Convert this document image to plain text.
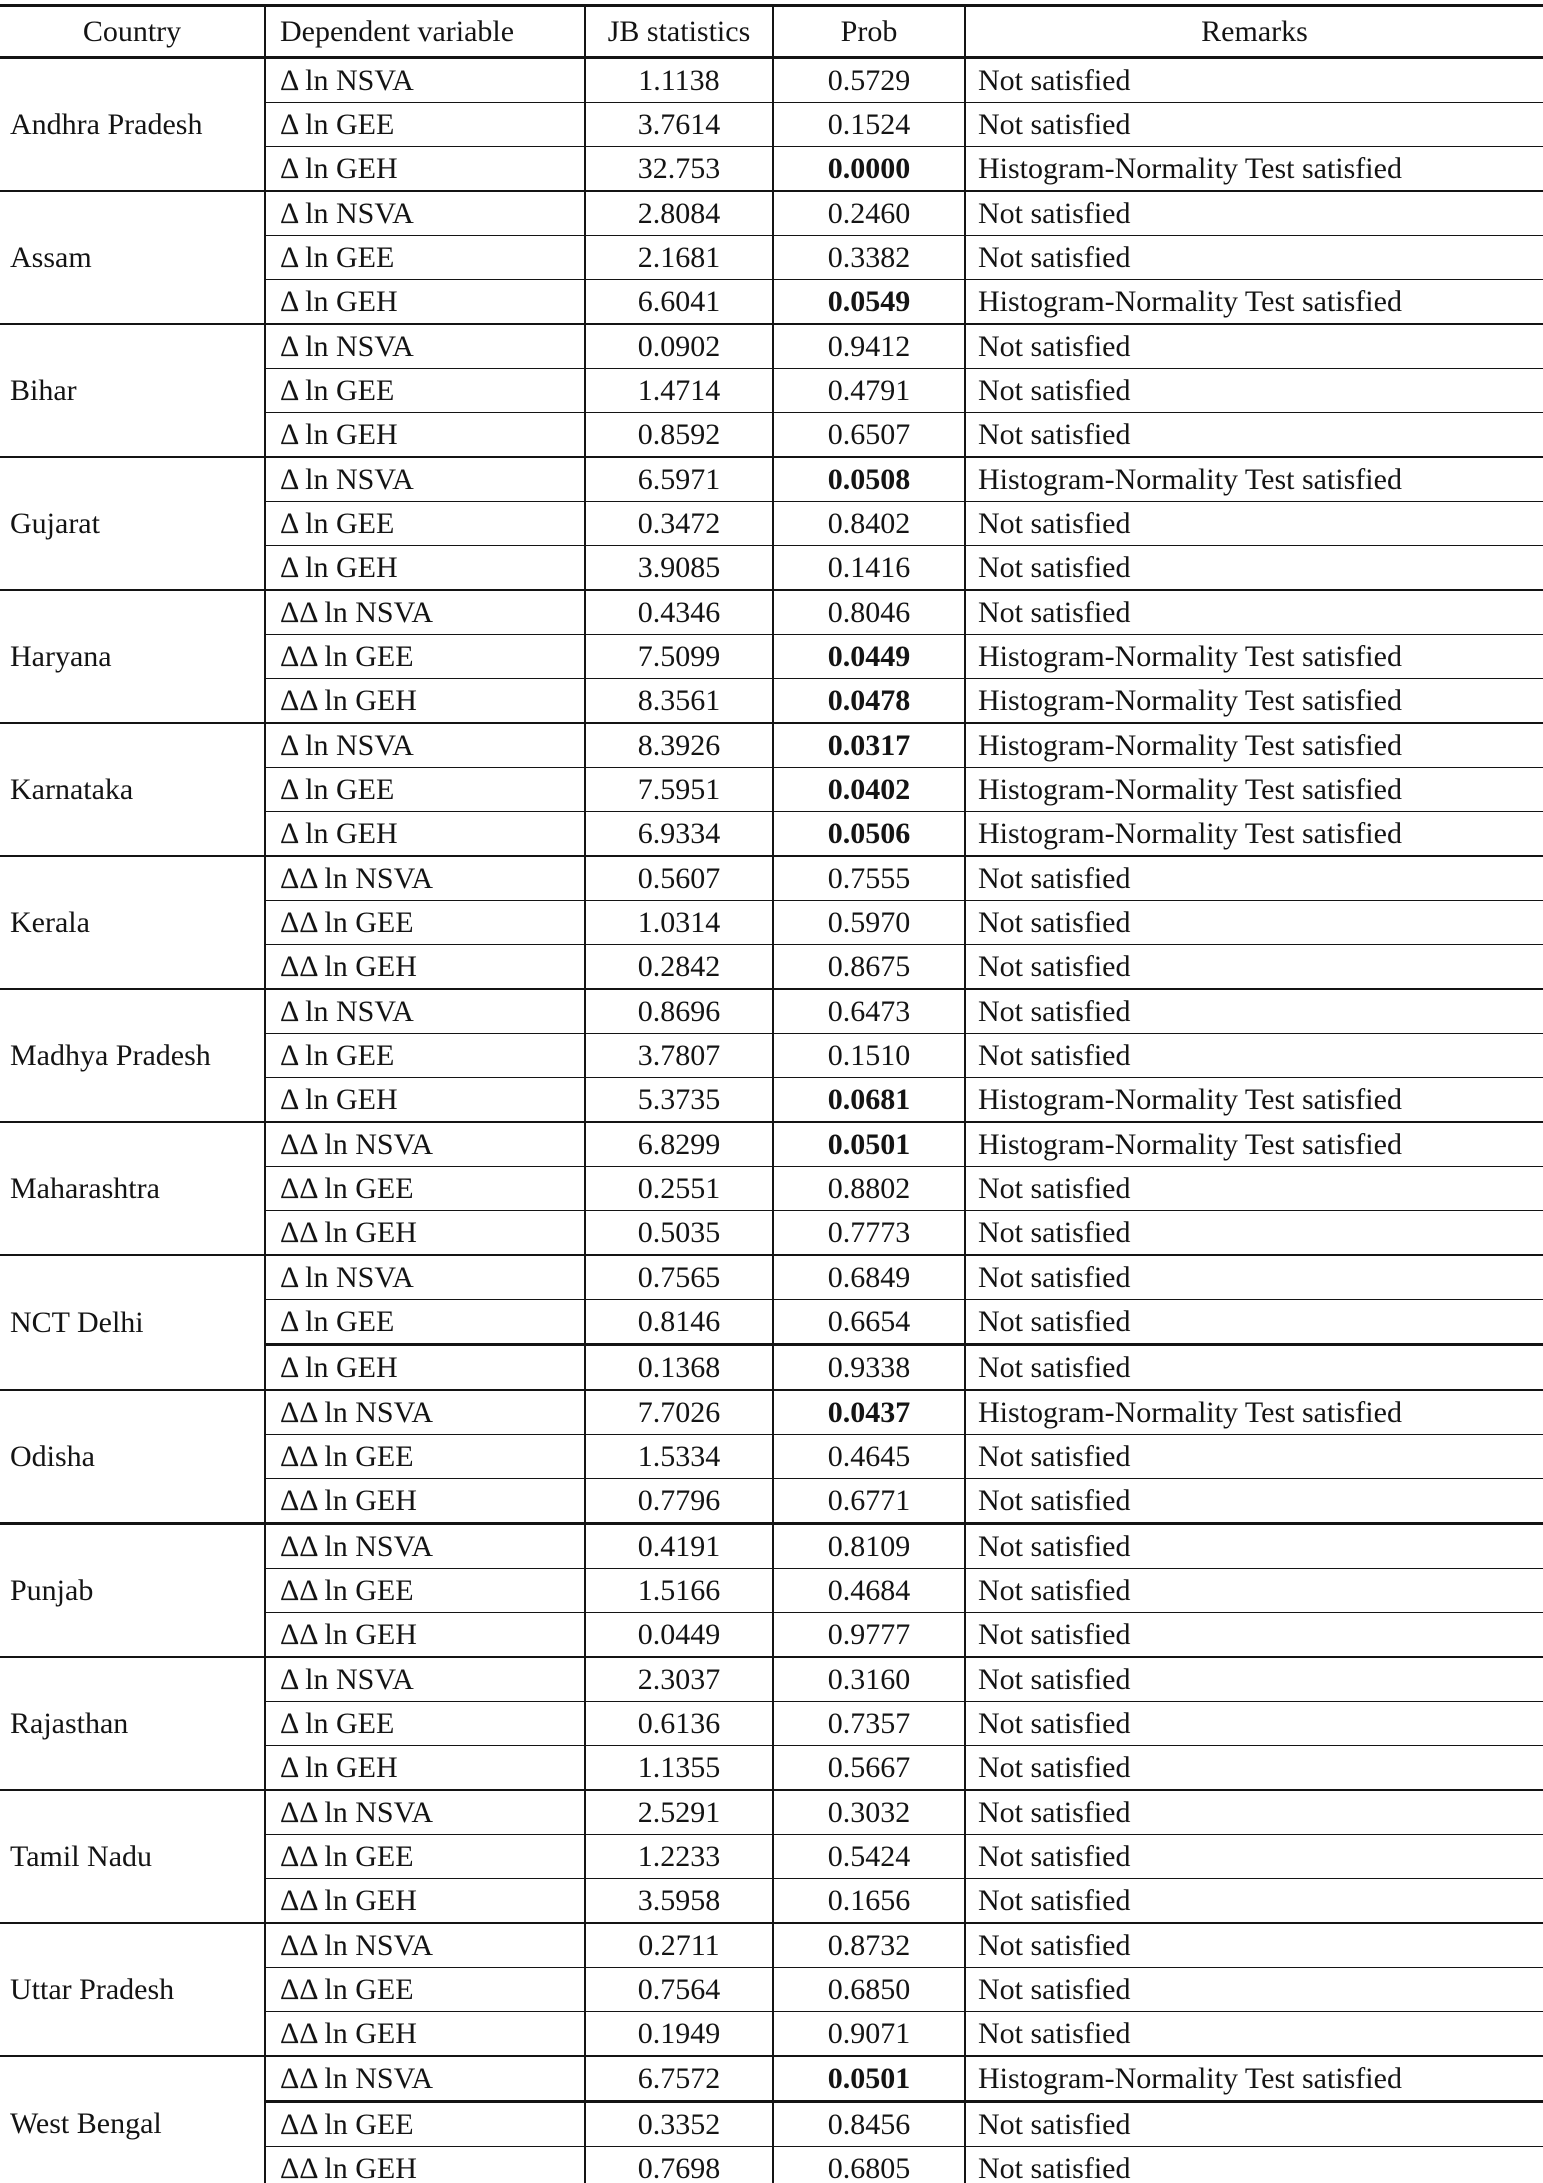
Country	Dependent variable	JB statistics	Prob	Remarks
Andhra Pradesh	Δ ln NSVA	1.1138	0.5729	Not satisfied
	Δ ln GEE	3.7614	0.1524	Not satisfied
	Δ ln GEH	32.753	0.0000	Histogram-Normality Test satisfied
Assam	Δ ln NSVA	2.8084	0.2460	Not satisfied
	Δ ln GEE	2.1681	0.3382	Not satisfied
	Δ ln GEH	6.6041	0.0549	Histogram-Normality Test satisfied
Bihar	Δ ln NSVA	0.0902	0.9412	Not satisfied
	Δ ln GEE	1.4714	0.4791	Not satisfied
	Δ ln GEH	0.8592	0.6507	Not satisfied
Gujarat	Δ ln NSVA	6.5971	0.0508	Histogram-Normality Test satisfied
	Δ ln GEE	0.3472	0.8402	Not satisfied
	Δ ln GEH	3.9085	0.1416	Not satisfied
Haryana	ΔΔ ln NSVA	0.4346	0.8046	Not satisfied
	ΔΔ ln GEE	7.5099	0.0449	Histogram-Normality Test satisfied
	ΔΔ ln GEH	8.3561	0.0478	Histogram-Normality Test satisfied
Karnataka	Δ ln NSVA	8.3926	0.0317	Histogram-Normality Test satisfied
	Δ ln GEE	7.5951	0.0402	Histogram-Normality Test satisfied
	Δ ln GEH	6.9334	0.0506	Histogram-Normality Test satisfied
Kerala	ΔΔ ln NSVA	0.5607	0.7555	Not satisfied
	ΔΔ ln GEE	1.0314	0.5970	Not satisfied
	ΔΔ ln GEH	0.2842	0.8675	Not satisfied
Madhya Pradesh	Δ ln NSVA	0.8696	0.6473	Not satisfied
	Δ ln GEE	3.7807	0.1510	Not satisfied
	Δ ln GEH	5.3735	0.0681	Histogram-Normality Test satisfied
Maharashtra	ΔΔ ln NSVA	6.8299	0.0501	Histogram-Normality Test satisfied
	ΔΔ ln GEE	0.2551	0.8802	Not satisfied
	ΔΔ ln GEH	0.5035	0.7773	Not satisfied
NCT Delhi	Δ ln NSVA	0.7565	0.6849	Not satisfied
	Δ ln GEE	0.8146	0.6654	Not satisfied
	Δ ln GEH	0.1368	0.9338	Not satisfied
Odisha	ΔΔ ln NSVA	7.7026	0.0437	Histogram-Normality Test satisfied
	ΔΔ ln GEE	1.5334	0.4645	Not satisfied
	ΔΔ ln GEH	0.7796	0.6771	Not satisfied
Punjab	ΔΔ ln NSVA	0.4191	0.8109	Not satisfied
	ΔΔ ln GEE	1.5166	0.4684	Not satisfied
	ΔΔ ln GEH	0.0449	0.9777	Not satisfied
Rajasthan	Δ ln NSVA	2.3037	0.3160	Not satisfied
	Δ ln GEE	0.6136	0.7357	Not satisfied
	Δ ln GEH	1.1355	0.5667	Not satisfied
Tamil Nadu	ΔΔ ln NSVA	2.5291	0.3032	Not satisfied
	ΔΔ ln GEE	1.2233	0.5424	Not satisfied
	ΔΔ ln GEH	3.5958	0.1656	Not satisfied
Uttar Pradesh	ΔΔ ln NSVA	0.2711	0.8732	Not satisfied
	ΔΔ ln GEE	0.7564	0.6850	Not satisfied
	ΔΔ ln GEH	0.1949	0.9071	Not satisfied
West Bengal	ΔΔ ln NSVA	6.7572	0.0501	Histogram-Normality Test satisfied
	ΔΔ ln GEE	0.3352	0.8456	Not satisfied
	ΔΔ ln GEH	0.7698	0.6805	Not satisfied
